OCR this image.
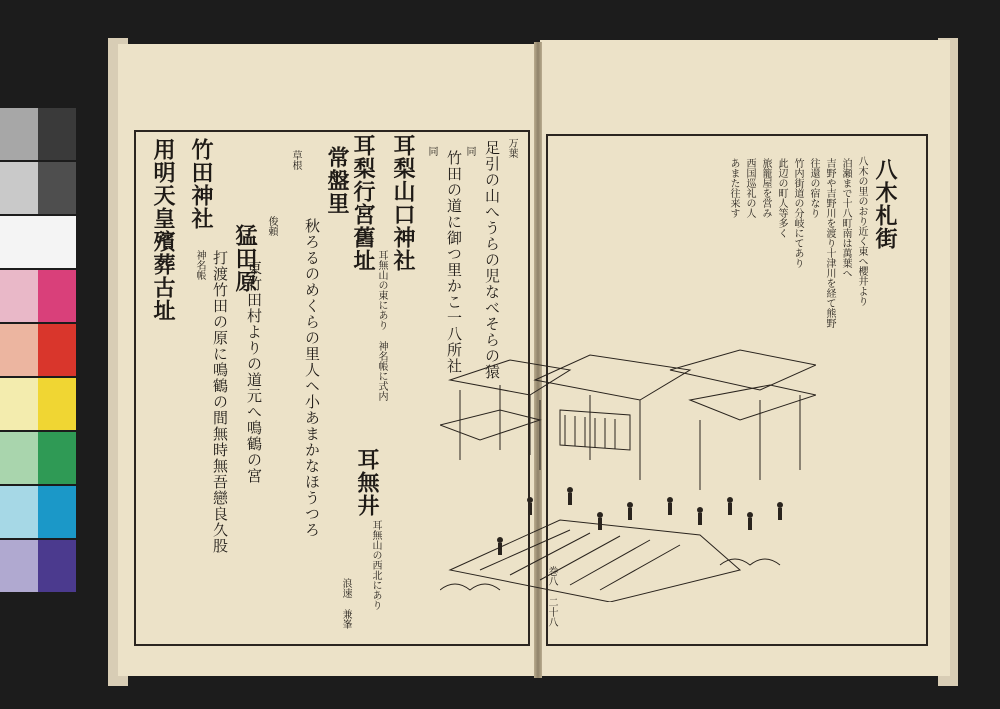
万葉
足引の山へうらの児なべそらの猿
同
竹田の道に御つ里かこ一八所社
同
耳梨山口神社
耳無山の東にあり 神名帳に式内
耳梨行宮舊址
常盤里
秋ろるのめくらの里人ヘ小あまかなほうつろ
草根
耳無井
耳無山の西北にあり
俊頼
猛田原
東竹田村よりの道元へ鳴鶴の宮
打渡竹田の原に鳴鶴の間無時無吾戀良久股
竹田神社
神名帳
用明天皇殯葬古址
浪速 兼峯
八木札街
八木の里のおり近く東へ櫻井より
泊瀬まで十八町南は萬葉へ
吉野や吉野川を渡り十津川を経て熊野
往還の宿なり
竹内街道の分岐にてあり
此辺の町人等多く
旅籠屋を営み
西国巡礼の人
あまた往来す
巻八 二十八
